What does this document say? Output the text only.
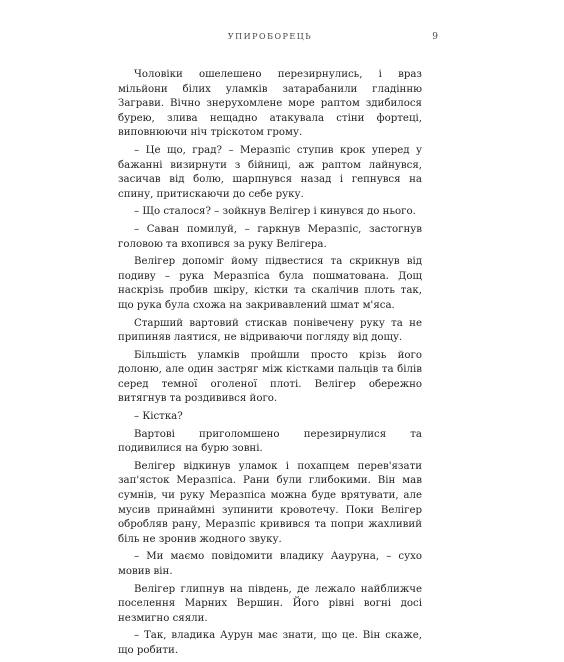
УПИРОБОРЕЦЬ	9

Чоловіки ошелешено перезирнулись, і враз мільйони білих уламків затарабанили гладінню Заграви. Вічно знерухомлене море раптом здибилося бурею, злива нещадно атакувала стіни фортеці, виповнюючи ніч тріскотом грому.

– Це що, град? – Меразпіс ступив крок уперед у бажанні визирнути з бійниці, аж раптом лайнувся, засичав від болю, шарпнувся назад і гепнувся на спину, притискаючи до себе руку.

– Що сталося? – зойкнув Велігер і кинувся до нього.

– Саван помилуй, – гаркнув Меразпіс, застогнув головою та вхопився за руку Велігера.

Велігер допоміг йому підвестися та скрикнув від подиву – рука Меразпіса була пошматована. Дощ наскрізь пробив шкіру, кістки та скалічив плоть так, що рука була схожа на закривавлений шмат м'яса.

Старший вартовий стискав понівечену руку та не припиняв лаятися, не відриваючи погляду від дощу.

Більшість уламків пройшли просто крізь його долоню, але один застряг між кістками пальців та білів серед темної оголеної плоті. Велігер обережно витягнув та роздивився його.

– Кістка?

Вартові приголомшено перезирнулися та подивилися на бурю зовні.

Велігер відкинув уламок і похапцем перев'язати зап'ясток Меразпіса. Рани були глибокими. Він мав сумнів, чи руку Меразпіса можна буде врятувати, але мусив принаймні зупинити кровотечу. Поки Велігер обробляв рану, Меразпіс кривився та попри жахливий біль не зронив жодного звуку.

– Ми маємо повідомити владику Аауруна, – сухо мовив він.

Велігер глипнув на південь, де лежало найближче поселення Марних Вершин. Його рівні вогні досі незмигно сяяли.

– Так, владика Аурун має знати, що це. Він скаже, що робити.
